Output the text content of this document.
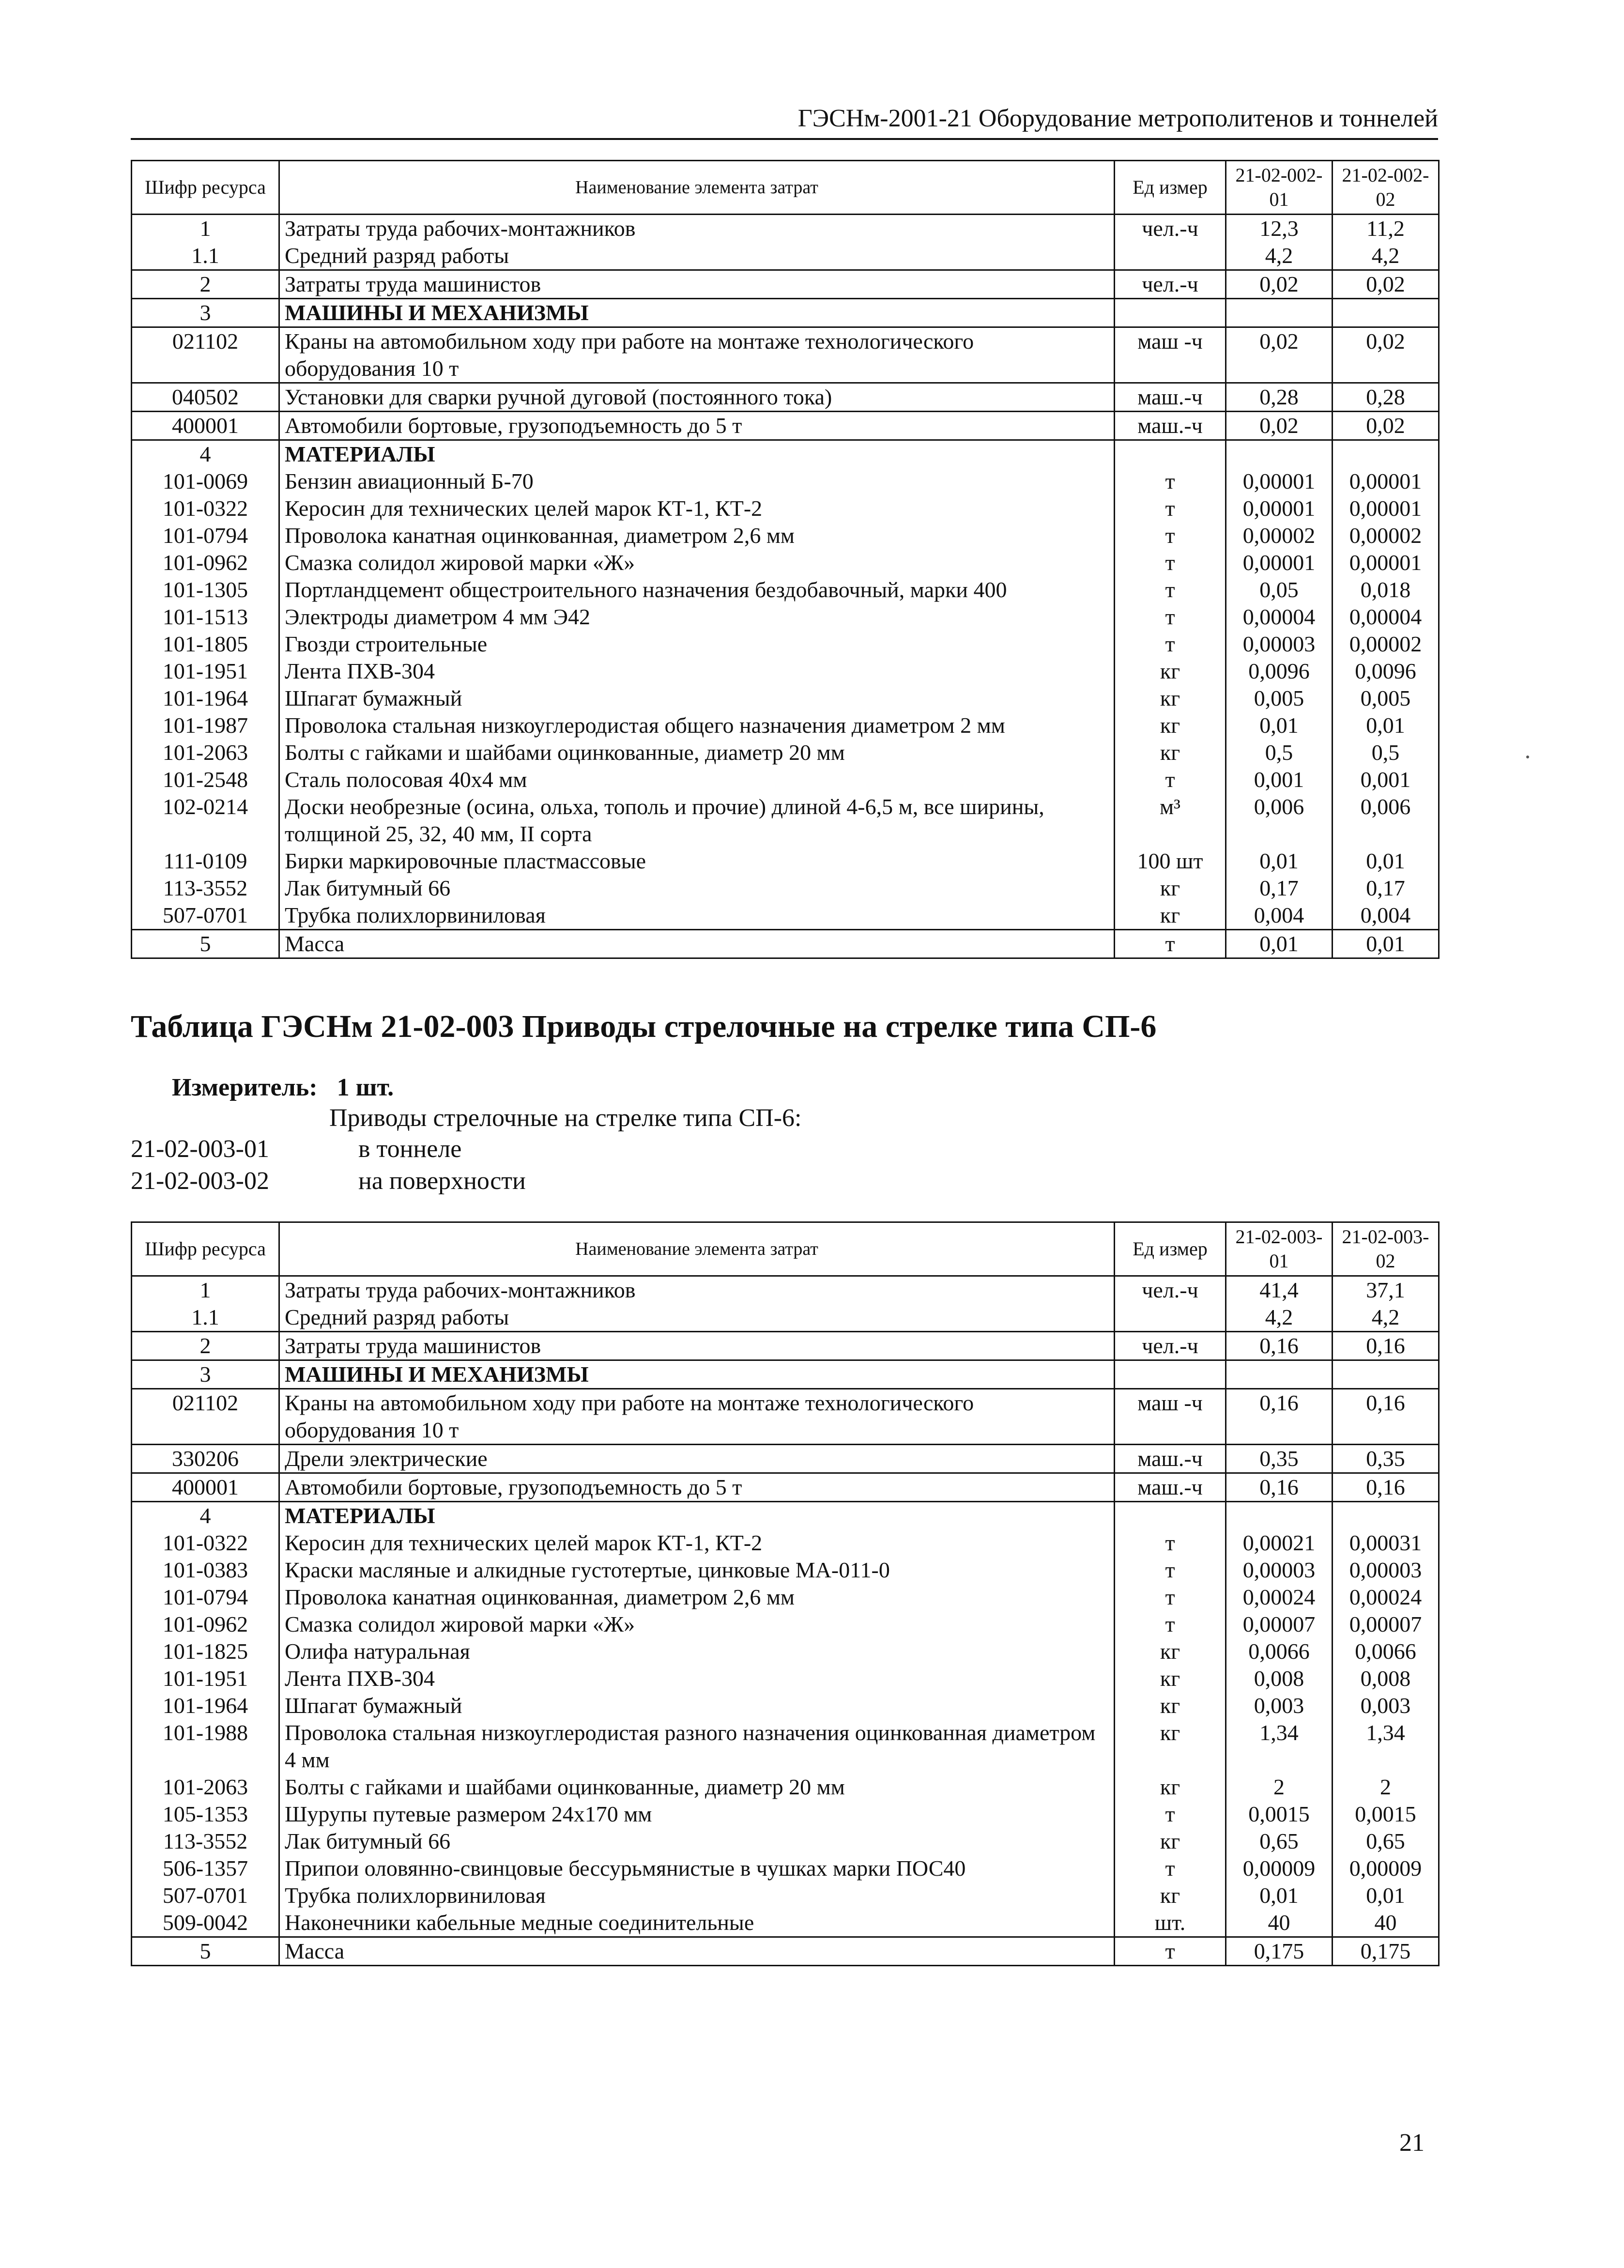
ГЭСНм-2001-21 Оборудование метрополитенов и тоннелей
Шифр ресурса	Наименование элемента затрат	Ед измер	21-02-002-01	21-02-002-02
1	Затраты труда рабочих-монтажников	чел.-ч	12,3	11,2
1.1	Средний разряд работы		4,2	4,2
2	Затраты труда машинистов	чел.-ч	0,02	0,02
3	МАШИНЫ И МЕХАНИЗМЫ			
021102	Краны на автомобильном ходу при работе на монтаже технологического оборудования 10 т	маш -ч	0,02	0,02
040502	Установки для сварки ручной дуговой (постоянного тока)	маш.-ч	0,28	0,28
400001	Автомобили бортовые, грузоподъемность до 5 т	маш.-ч	0,02	0,02
4	МАТЕРИАЛЫ			
101-0069	Бензин авиационный Б-70	т	0,00001	0,00001
101-0322	Керосин для технических целей марок КТ-1, КТ-2	т	0,00001	0,00001
101-0794	Проволока канатная оцинкованная, диаметром 2,6 мм	т	0,00002	0,00002
101-0962	Смазка солидол жировой марки «Ж»	т	0,00001	0,00001
101-1305	Портландцемент общестроительного назначения бездобавочный, марки 400	т	0,05	0,018
101-1513	Электроды диаметром 4 мм Э42	т	0,00004	0,00004
101-1805	Гвозди строительные	т	0,00003	0,00002
101-1951	Лента ПХВ-304	кг	0,0096	0,0096
101-1964	Шпагат бумажный	кг	0,005	0,005
101-1987	Проволока стальная низкоуглеродистая общего назначения диаметром 2 мм	кг	0,01	0,01
101-2063	Болты с гайками и шайбами оцинкованные, диаметр 20 мм	кг	0,5	0,5
101-2548	Сталь полосовая 40х4 мм	т	0,001	0,001
102-0214	Доски необрезные (осина, ольха, тополь и прочие) длиной 4-6,5 м, все ширины, толщиной 25, 32, 40 мм, II сорта	м³	0,006	0,006
111-0109	Бирки маркировочные пластмассовые	100 шт	0,01	0,01
113-3552	Лак битумный 66	кг	0,17	0,17
507-0701	Трубка полихлорвиниловая	кг	0,004	0,004
5	Масса	т	0,01	0,01
Таблица ГЭСНм 21-02-003 Приводы стрелочные на стрелке типа СП-6
Измеритель: 1 шт.
Приводы стрелочные на стрелке типа СП-6:
21-02-003-01	в тоннеле
21-02-003-02	на поверхности
Шифр ресурса	Наименование элемента затрат	Ед измер	21-02-003-01	21-02-003-02
1	Затраты труда рабочих-монтажников	чел.-ч	41,4	37,1
1.1	Средний разряд работы		4,2	4,2
2	Затраты труда машинистов	чел.-ч	0,16	0,16
3	МАШИНЫ И МЕХАНИЗМЫ			
021102	Краны на автомобильном ходу при работе на монтаже технологического оборудования 10 т	маш -ч	0,16	0,16
330206	Дрели электрические	маш.-ч	0,35	0,35
400001	Автомобили бортовые, грузоподъемность до 5 т	маш.-ч	0,16	0,16
4	МАТЕРИАЛЫ			
101-0322	Керосин для технических целей марок КТ-1, КТ-2	т	0,00021	0,00031
101-0383	Краски масляные и алкидные густотертые, цинковые МА-011-0	т	0,00003	0,00003
101-0794	Проволока канатная оцинкованная, диаметром 2,6 мм	т	0,00024	0,00024
101-0962	Смазка солидол жировой марки «Ж»	т	0,00007	0,00007
101-1825	Олифа натуральная	кг	0,0066	0,0066
101-1951	Лента ПХВ-304	кг	0,008	0,008
101-1964	Шпагат бумажный	кг	0,003	0,003
101-1988	Проволока стальная низкоуглеродистая разного назначения оцинкованная диаметром 4 мм	кг	1,34	1,34
101-2063	Болты с гайками и шайбами оцинкованные, диаметр 20 мм	кг	2	2
105-1353	Шурупы путевые размером 24х170 мм	т	0,0015	0,0015
113-3552	Лак битумный 66	кг	0,65	0,65
506-1357	Припои оловянно-свинцовые бессурьмянистые в чушках марки ПОС40	т	0,00009	0,00009
507-0701	Трубка полихлорвиниловая	кг	0,01	0,01
509-0042	Наконечники кабельные медные соединительные	шт.	40	40
5	Масса	т	0,175	0,175
21
